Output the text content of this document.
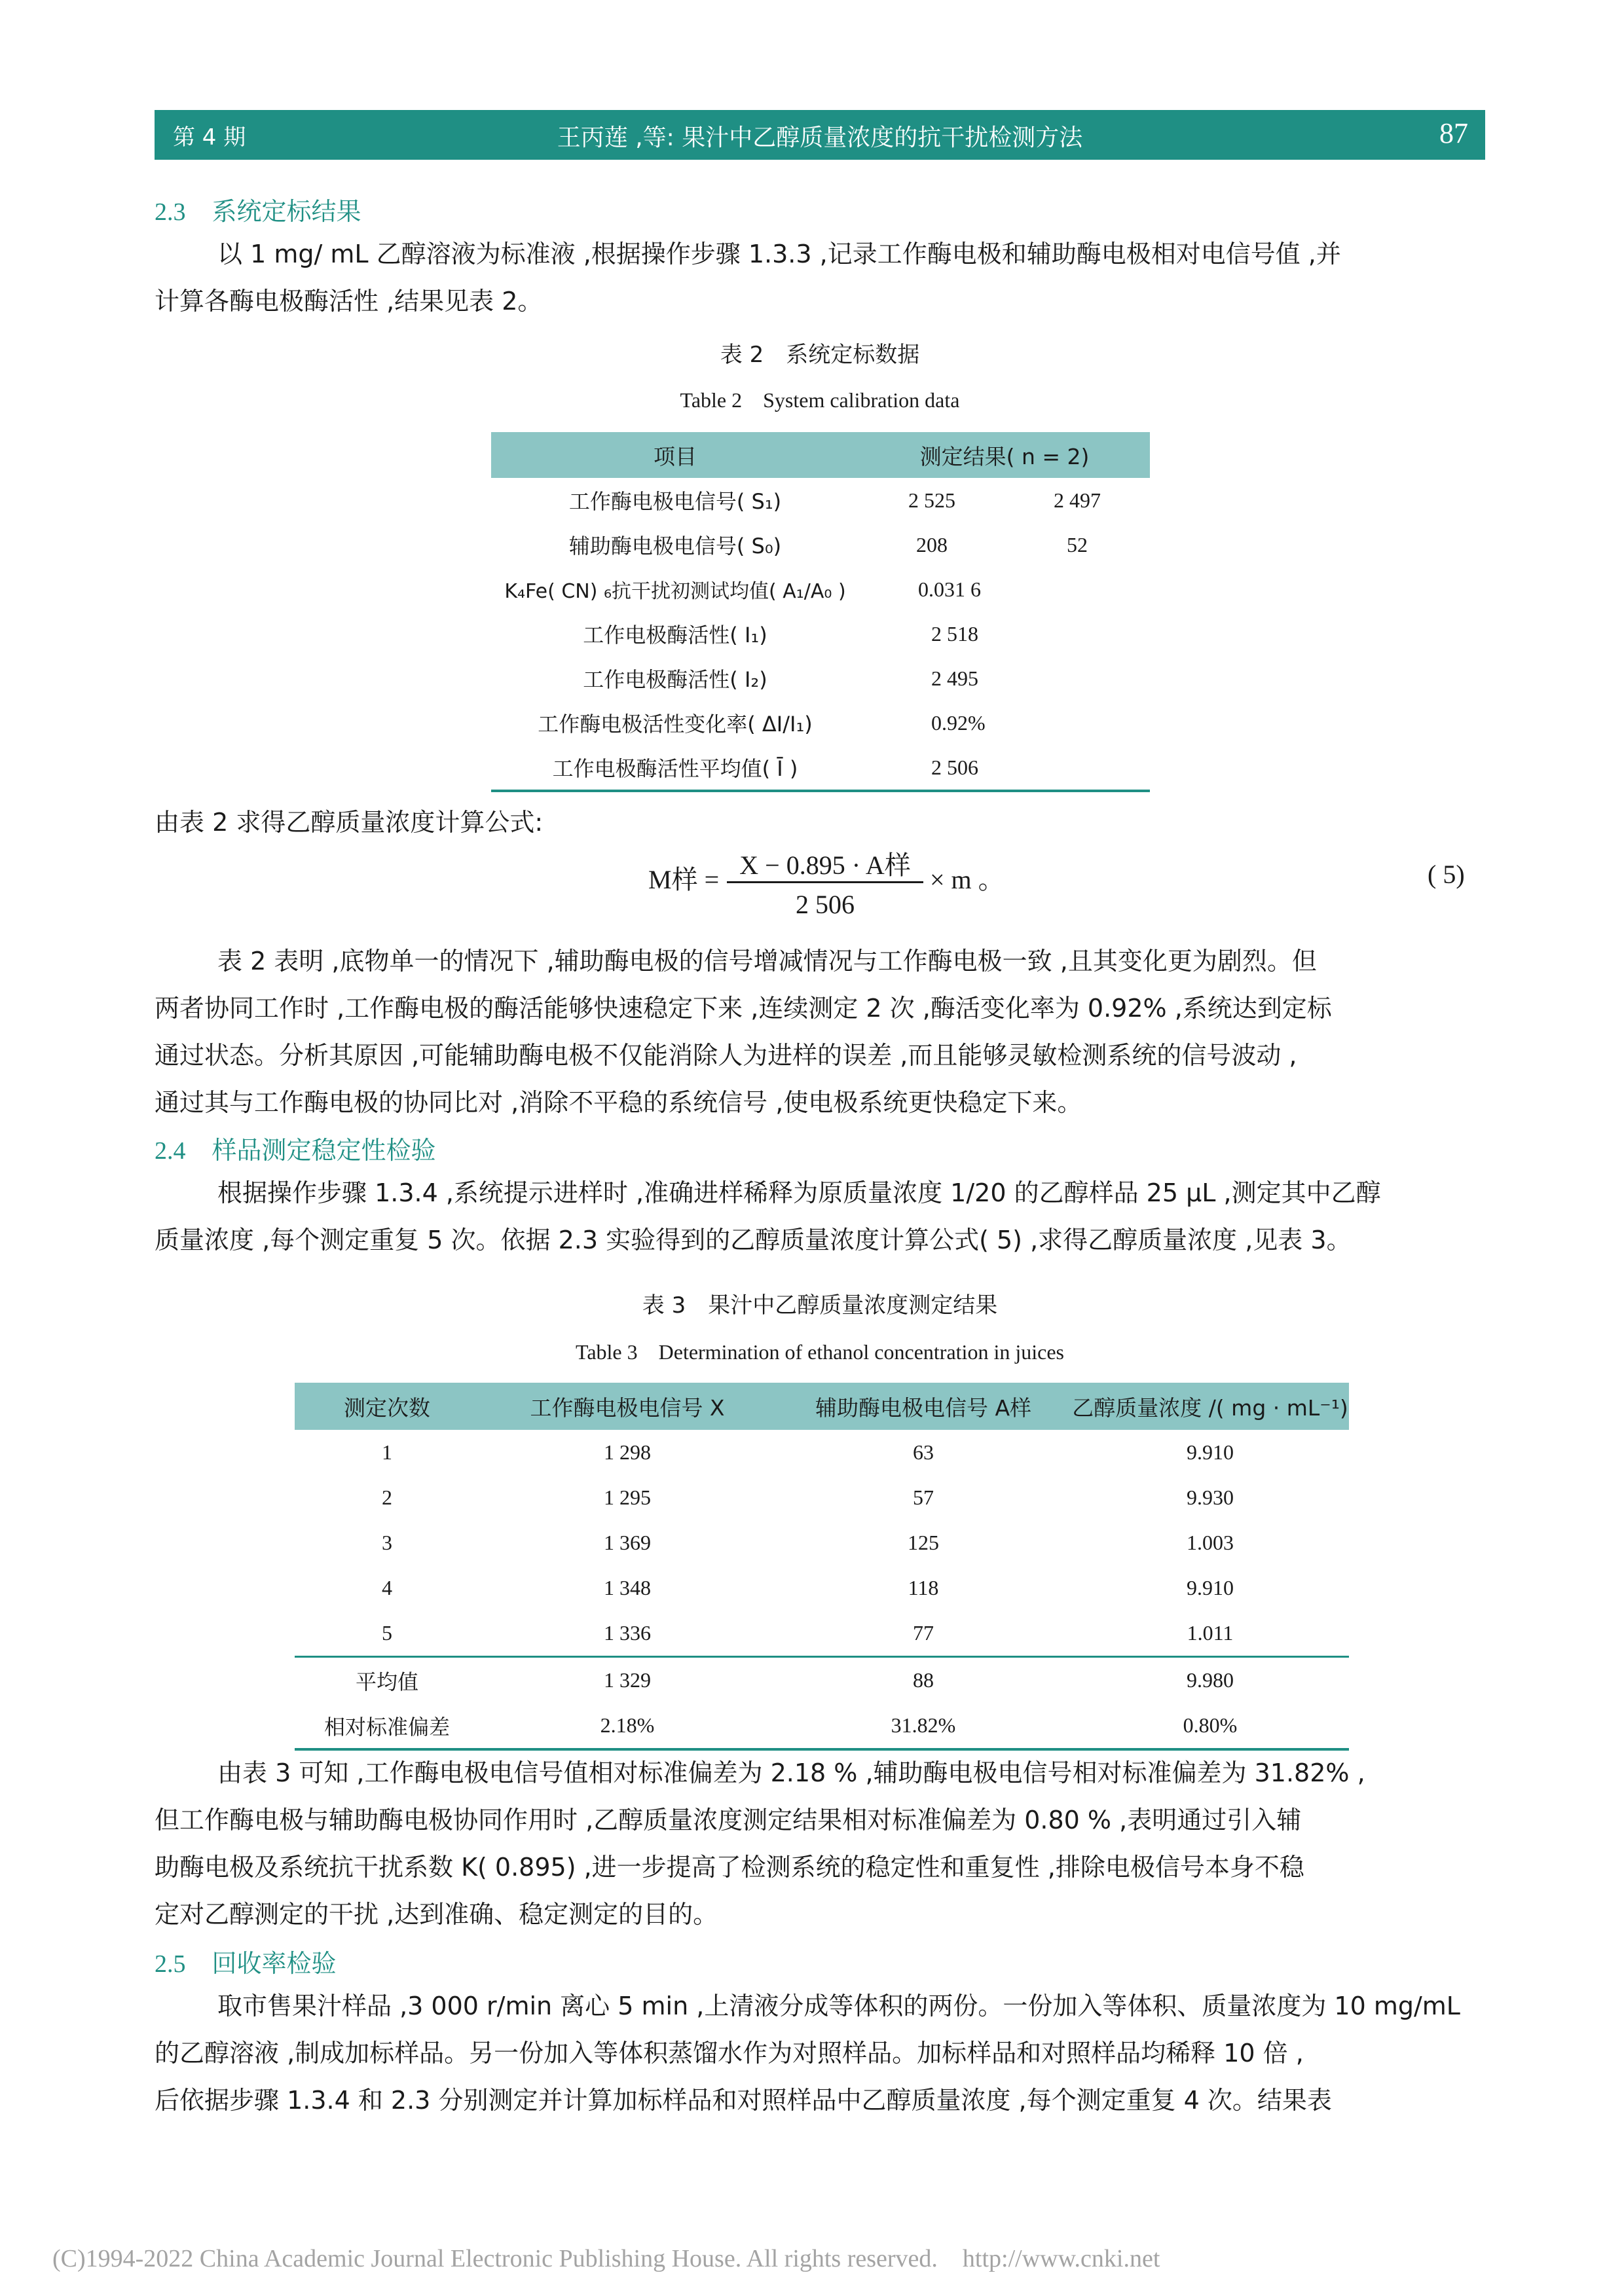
第 4 期	王丙莲 ,等: 果汁中乙醇质量浓度的抗干扰检测方法	87
2.3 系统定标结果

以 1 mg/ mL 乙醇溶液为标准液 ,根据操作步骤 1.3.3 ,记录工作酶电极和辅助酶电极相对电信号值 ,并

计算各酶电极酶活性 ,结果见表 2。

表 2　系统定标数据
Table 2　System calibration data
项目	测定结果( n = 2)	
工作酶电极电信号( S₁)	2 525	2 497
辅助酶电极电信号( S₀)	208	52
K₄Fe( CN) ₆抗干扰初测试均值( A₁/A₀ )	0.031 6	
工作电极酶活性( I₁)	2 518	
工作电极酶活性( I₂)	2 495	
工作酶电极活性变化率( ΔI/I₁)	0.92%	
工作电极酶活性平均值( Ī )	2 506	
由表 2 求得乙醇质量浓度计算公式:
M样 = X − 0.895 · A样
2 506
× m 。	( 5)

表 2 表明 ,底物单一的情况下 ,辅助酶电极的信号增减情况与工作酶电极一致 ,且其变化更为剧烈。但

两者协同工作时 ,工作酶电极的酶活能够快速稳定下来 ,连续测定 2 次 ,酶活变化率为 0.92% ,系统达到定标

通过状态。分析其原因 ,可能辅助酶电极不仅能消除人为进样的误差 ,而且能够灵敏检测系统的信号波动 ,

通过其与工作酶电极的协同比对 ,消除不平稳的系统信号 ,使电极系统更快稳定下来。

2.4 样品测定稳定性检验

根据操作步骤 1.3.4 ,系统提示进样时 ,准确进样稀释为原质量浓度 1/20 的乙醇样品 25 μL ,测定其中乙醇

质量浓度 ,每个测定重复 5 次。依据 2.3 实验得到的乙醇质量浓度计算公式( 5) ,求得乙醇质量浓度 ,见表 3。

表 3　果汁中乙醇质量浓度测定结果
Table 3　Determination of ethanol concentration in juices
测定次数	工作酶电极电信号 X	辅助酶电极电信号 A样	乙醇质量浓度 /( mg · mL⁻¹)
1	1 298	63	9.910
2	1 295	57	9.930
3	1 369	125	1.003
4	1 348	118	9.910
5	1 336	77	1.011
平均值	1 329	88	9.980
相对标准偏差	2.18%	31.82%	0.80%

由表 3 可知 ,工作酶电极电信号值相对标准偏差为 2.18 % ,辅助酶电极电信号相对标准偏差为 31.82% ,

但工作酶电极与辅助酶电极协同作用时 ,乙醇质量浓度测定结果相对标准偏差为 0.80 % ,表明通过引入辅

助酶电极及系统抗干扰系数 K( 0.895) ,进一步提高了检测系统的稳定性和重复性 ,排除电极信号本身不稳

定对乙醇测定的干扰 ,达到准确、稳定测定的目的。

2.5 回收率检验

取市售果汁样品 ,3 000 r/min 离心 5 min ,上清液分成等体积的两份。一份加入等体积、质量浓度为 10 mg/mL

的乙醇溶液 ,制成加标样品。另一份加入等体积蒸馏水作为对照样品。加标样品和对照样品均稀释 10 倍 ,

后依据步骤 1.3.4 和 2.3 分别测定并计算加标样品和对照样品中乙醇质量浓度 ,每个测定重复 4 次。结果表

(C)1994-2022 China Academic Journal Electronic Publishing House. All rights reserved.　http://www.cnki.net
